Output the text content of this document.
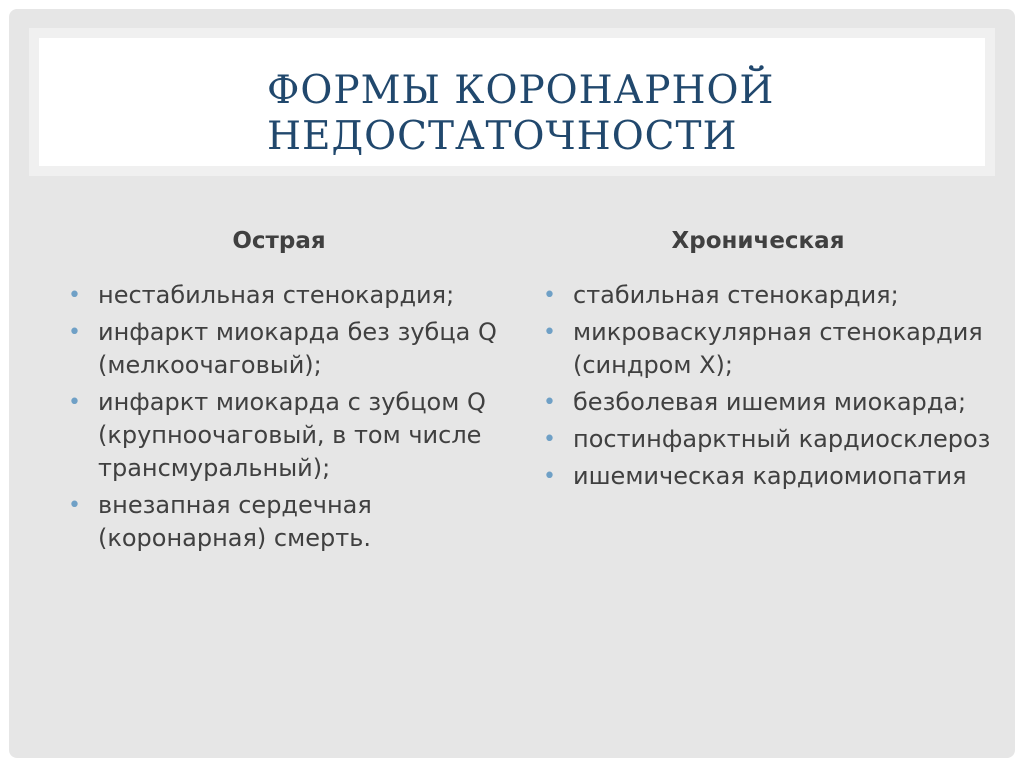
ФОРМЫ КОРОНАРНОЙ НЕДОСТАТОЧНОСТИ
Острая	Хроническая
• нестабильная стенокардия;
• инфаркт миокарда без зубца Q (мелкоочаговый);
• инфаркт миокарда с зубцом Q (крупноочаговый, в том числе трансмуральный);
• внезапная сердечная (коронарная) смерть.
• стабильная стенокардия;
• микроваскулярная стенокардия (синдром Х);
• безболевая ишемия миокарда;
• постинфарктный кардиосклероз
• ишемическая кардиомиопатия
